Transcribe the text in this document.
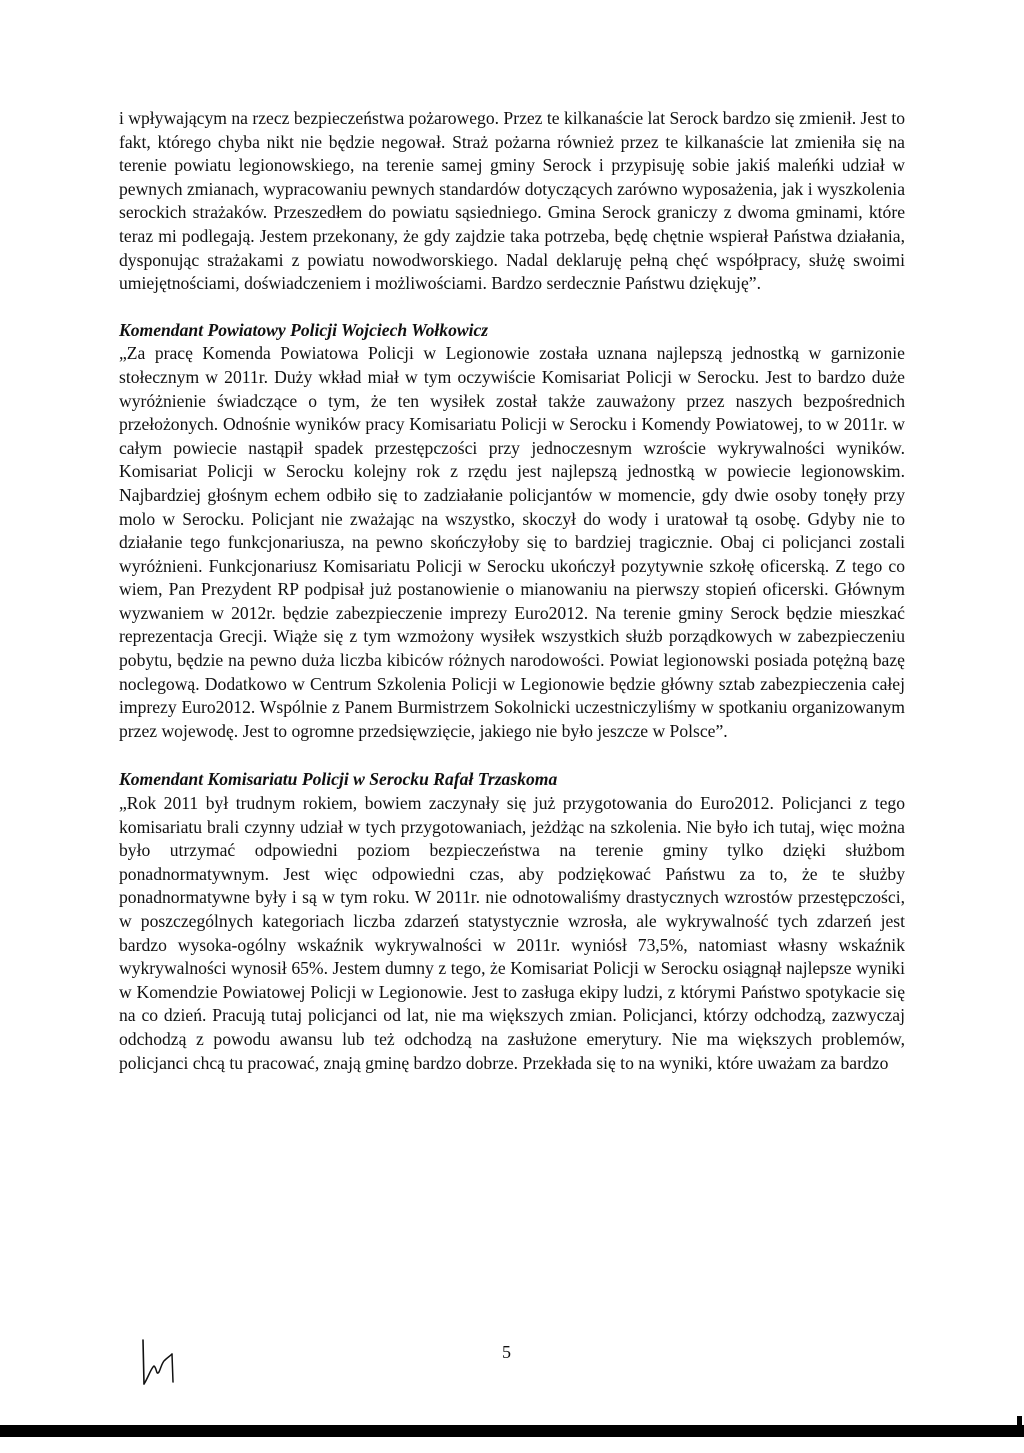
i wpływającym na rzecz bezpieczeństwa pożarowego. Przez te kilkanaście lat Serock bardzo się zmienił. Jest to fakt, którego chyba nikt nie będzie negował. Straż pożarna również przez te kilkanaście lat zmieniła się na terenie powiatu legionowskiego, na terenie samej gminy Serock i przypisuję sobie jakiś maleńki udział w pewnych zmianach, wypracowaniu pewnych standardów dotyczących zarówno wyposażenia, jak i wyszkolenia serockich strażaków. Przeszedłem do powiatu sąsiedniego. Gmina Serock graniczy z dwoma gminami, które teraz mi podlegają. Jestem przekonany, że gdy zajdzie taka potrzeba, będę chętnie wspierał Państwa działania, dysponując strażakami z powiatu nowodworskiego. Nadal deklaruję pełną chęć współpracy, służę swoimi umiejętnościami, doświadczeniem i możliwościami. Bardzo serdecznie Państwu dziękuję”.

Komendant Powiatowy Policji Wojciech Wołkowicz

„Za pracę Komenda Powiatowa Policji w Legionowie została uznana najlepszą jednostką w garnizonie stołecznym w 2011r. Duży wkład miał w tym oczywiście Komisariat Policji w Serocku. Jest to bardzo duże wyróżnienie świadczące o tym, że ten wysiłek został także zauważony przez naszych bezpośrednich przełożonych. Odnośnie wyników pracy Komisariatu Policji w Serocku i Komendy Powiatowej, to w 2011r. w całym powiecie nastąpił spadek przestępczości przy jednoczesnym wzroście wykrywalności wyników. Komisariat Policji w Serocku kolejny rok z rzędu jest najlepszą jednostką w powiecie legionowskim. Najbardziej głośnym echem odbiło się to zadziałanie policjantów w momencie, gdy dwie osoby tonęły przy molo w Serocku. Policjant nie zważając na wszystko, skoczył do wody i uratował tą osobę. Gdyby nie to działanie tego funkcjonariusza, na pewno skończyłoby się to bardziej tragicznie. Obaj ci policjanci zostali wyróżnieni. Funkcjonariusz Komisariatu Policji w Serocku ukończył pozytywnie szkołę oficerską. Z tego co wiem, Pan Prezydent RP podpisał już postanowienie o mianowaniu na pierwszy stopień oficerski. Głównym wyzwaniem w 2012r. będzie zabezpieczenie imprezy Euro2012. Na terenie gminy Serock będzie mieszkać reprezentacja Grecji. Wiąże się z tym wzmożony wysiłek wszystkich służb porządkowych w zabezpieczeniu pobytu, będzie na pewno duża liczba kibiców różnych narodowości. Powiat legionowski posiada potężną bazę noclegową. Dodatkowo w Centrum Szkolenia Policji w Legionowie będzie główny sztab zabezpieczenia całej imprezy Euro2012. Wspólnie z Panem Burmistrzem Sokolnicki uczestniczyliśmy w spotkaniu organizowanym przez wojewodę. Jest to ogromne przedsięwzięcie, jakiego nie było jeszcze w Polsce”.

Komendant Komisariatu Policji w Serocku Rafał Trzaskoma

„Rok 2011 był trudnym rokiem, bowiem zaczynały się już przygotowania do Euro2012. Policjanci z tego komisariatu brali czynny udział w tych przygotowaniach, jeżdżąc na szkolenia. Nie było ich tutaj, więc można było utrzymać odpowiedni poziom bezpieczeństwa na terenie gminy tylko dzięki służbom ponadnormatywnym. Jest więc odpowiedni czas, aby podziękować Państwu za to, że te służby ponadnormatywne były i są w tym roku. W 2011r. nie odnotowaliśmy drastycznych wzrostów przestępczości, w poszczególnych kategoriach liczba zdarzeń statystycznie wzrosła, ale wykrywalność tych zdarzeń jest bardzo wysoka-ogólny wskaźnik wykrywalności w 2011r. wyniósł 73,5%, natomiast własny wskaźnik wykrywalności wynosił 65%. Jestem dumny z tego, że Komisariat Policji w Serocku osiągnął najlepsze wyniki w Komendzie Powiatowej Policji w Legionowie. Jest to zasługa ekipy ludzi, z którymi Państwo spotykacie się na co dzień. Pracują tutaj policjanci od lat, nie ma większych zmian. Policjanci, którzy odchodzą, zazwyczaj odchodzą z powodu awansu lub też odchodzą na zasłużone emerytury. Nie ma większych problemów, policjanci chcą tu pracować, znają gminę bardzo dobrze. Przekłada się to na wyniki, które uważam za bardzo

5
